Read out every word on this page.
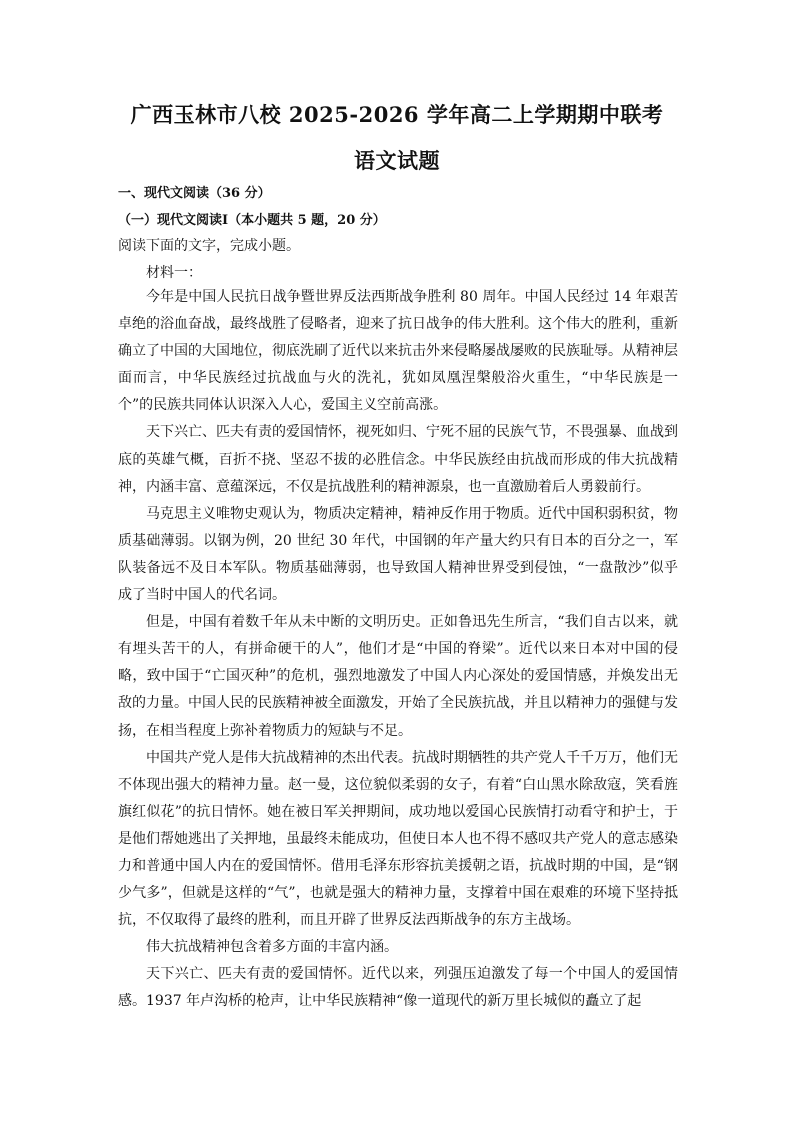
广西玉林市八校 2025-2026 学年高二上学期期中联考
语文试题
一、现代文阅读（36 分）
（一）现代文阅读Ⅰ（本小题共 5 题，20 分）
阅读下面的文字，完成小题。
材料一：

今年是中国人民抗日战争暨世界反法西斯战争胜利 80 周年。中国人民经过 14 年艰苦卓绝的浴血奋战，最终战胜了侵略者，迎来了抗日战争的伟大胜利。这个伟大的胜利，重新确立了中国的大国地位，彻底洗刷了近代以来抗击外来侵略屡战屡败的民族耻辱。从精神层面而言，中华民族经过抗战血与火的洗礼，犹如凤凰涅槃般浴火重生，“中华民族是一个”的民族共同体认识深入人心，爱国主义空前高涨。

天下兴亡、匹夫有责的爱国情怀，视死如归、宁死不屈的民族气节，不畏强暴、血战到底的英雄气概，百折不挠、坚忍不拔的必胜信念。中华民族经由抗战而形成的伟大抗战精神，内涵丰富、意蕴深远，不仅是抗战胜利的精神源泉，也一直激励着后人勇毅前行。

马克思主义唯物史观认为，物质决定精神，精神反作用于物质。近代中国积弱积贫，物质基础薄弱。以钢为例，20 世纪 30 年代，中国钢的年产量大约只有日本的百分之一，军队装备远不及日本军队。物质基础薄弱，也导致国人精神世界受到侵蚀，“一盘散沙”似乎成了当时中国人的代名词。

但是，中国有着数千年从未中断的文明历史。正如鲁迅先生所言，“我们自古以来，就有埋头苦干的人，有拼命硬干的人”，他们才是“中国的脊梁”。近代以来日本对中国的侵略，致中国于“亡国灭种”的危机，强烈地激发了中国人内心深处的爱国情感，并焕发出无敌的力量。中国人民的民族精神被全面激发，开始了全民族抗战，并且以精神力的强健与发扬，在相当程度上弥补着物质力的短缺与不足。

中国共产党人是伟大抗战精神的杰出代表。抗战时期牺牲的共产党人千千万万，他们无不体现出强大的精神力量。赵一曼，这位貌似柔弱的女子，有着“白山黑水除敌寇，笑看旌旗红似花”的抗日情怀。她在被日军关押期间，成功地以爱国心民族情打动看守和护士，于是他们帮她逃出了关押地，虽最终未能成功，但使日本人也不得不感叹共产党人的意志感染力和普通中国人内在的爱国情怀。借用毛泽东形容抗美援朝之语，抗战时期的中国，是“钢少气多”，但就是这样的“气”，也就是强大的精神力量，支撑着中国在艰难的环境下坚持抵抗，不仅取得了最终的胜利，而且开辟了世界反法西斯战争的东方主战场。

伟大抗战精神包含着多方面的丰富内涵。

天下兴亡、匹夫有责的爱国情怀。近代以来，列强压迫激发了每一个中国人的爱国情感。1937 年卢沟桥的枪声，让中华民族精神“像一道现代的新万里长城似的矗立了起
